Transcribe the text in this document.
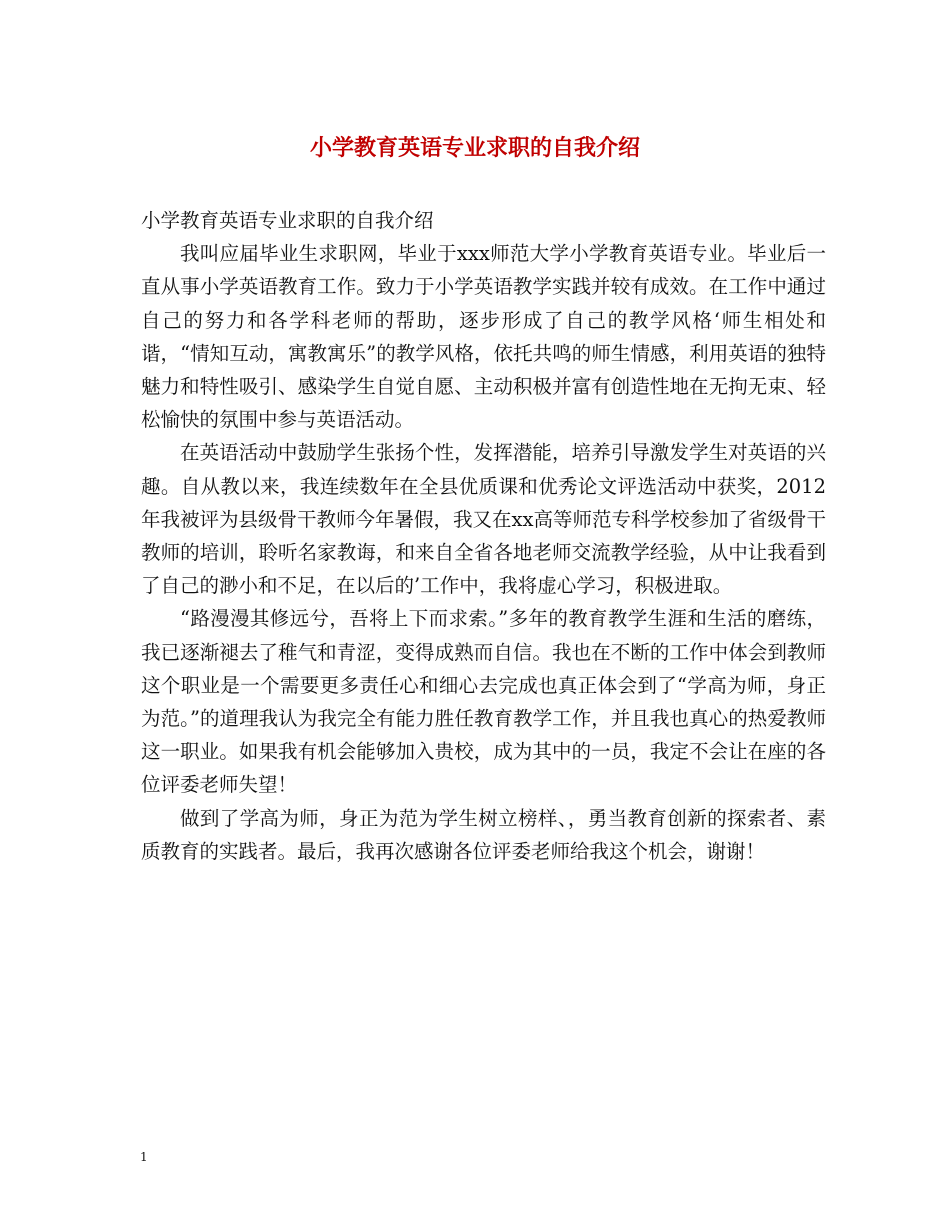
小学教育英语专业求职的自我介绍

小学教育英语专业求职的自我介绍

我叫应届毕业生求职网，毕业于xxx师范大学小学教育英语专业。毕业后一直从事小学英语教育工作。致力于小学英语教学实践并较有成效。在工作中通过自己的努力和各学科老师的帮助，逐步形成了自己的教学风格‘师生相处和谐，“情知互动，寓教寓乐”的教学风格，依托共鸣的师生情感，利用英语的独特魅力和特性吸引、感染学生自觉自愿、主动积极并富有创造性地在无拘无束、轻松愉快的氛围中参与英语活动。

在英语活动中鼓励学生张扬个性，发挥潜能，培养引导激发学生对英语的兴趣。自从教以来，我连续数年在全县优质课和优秀论文评选活动中获奖，2012年我被评为县级骨干教师今年暑假，我又在xx高等师范专科学校参加了省级骨干教师的培训，聆听名家教诲，和来自全省各地老师交流教学经验，从中让我看到了自己的渺小和不足，在以后的’工作中，我将虚心学习，积极进取。

“路漫漫其修远兮，吾将上下而求索。”多年的教育教学生涯和生活的磨练，我已逐渐褪去了稚气和青涩，变得成熟而自信。我也在不断的工作中体会到教师这个职业是一个需要更多责任心和细心去完成也真正体会到了“学高为师，身正为范。”的道理我认为我完全有能力胜任教育教学工作，并且我也真心的热爱教师这一职业。如果我有机会能够加入贵校，成为其中的一员，我定不会让在座的各位评委老师失望！

做到了学高为师，身正为范为学生树立榜样、，勇当教育创新的探索者、素质教育的实践者。最后，我再次感谢各位评委老师给我这个机会，谢谢！

1
